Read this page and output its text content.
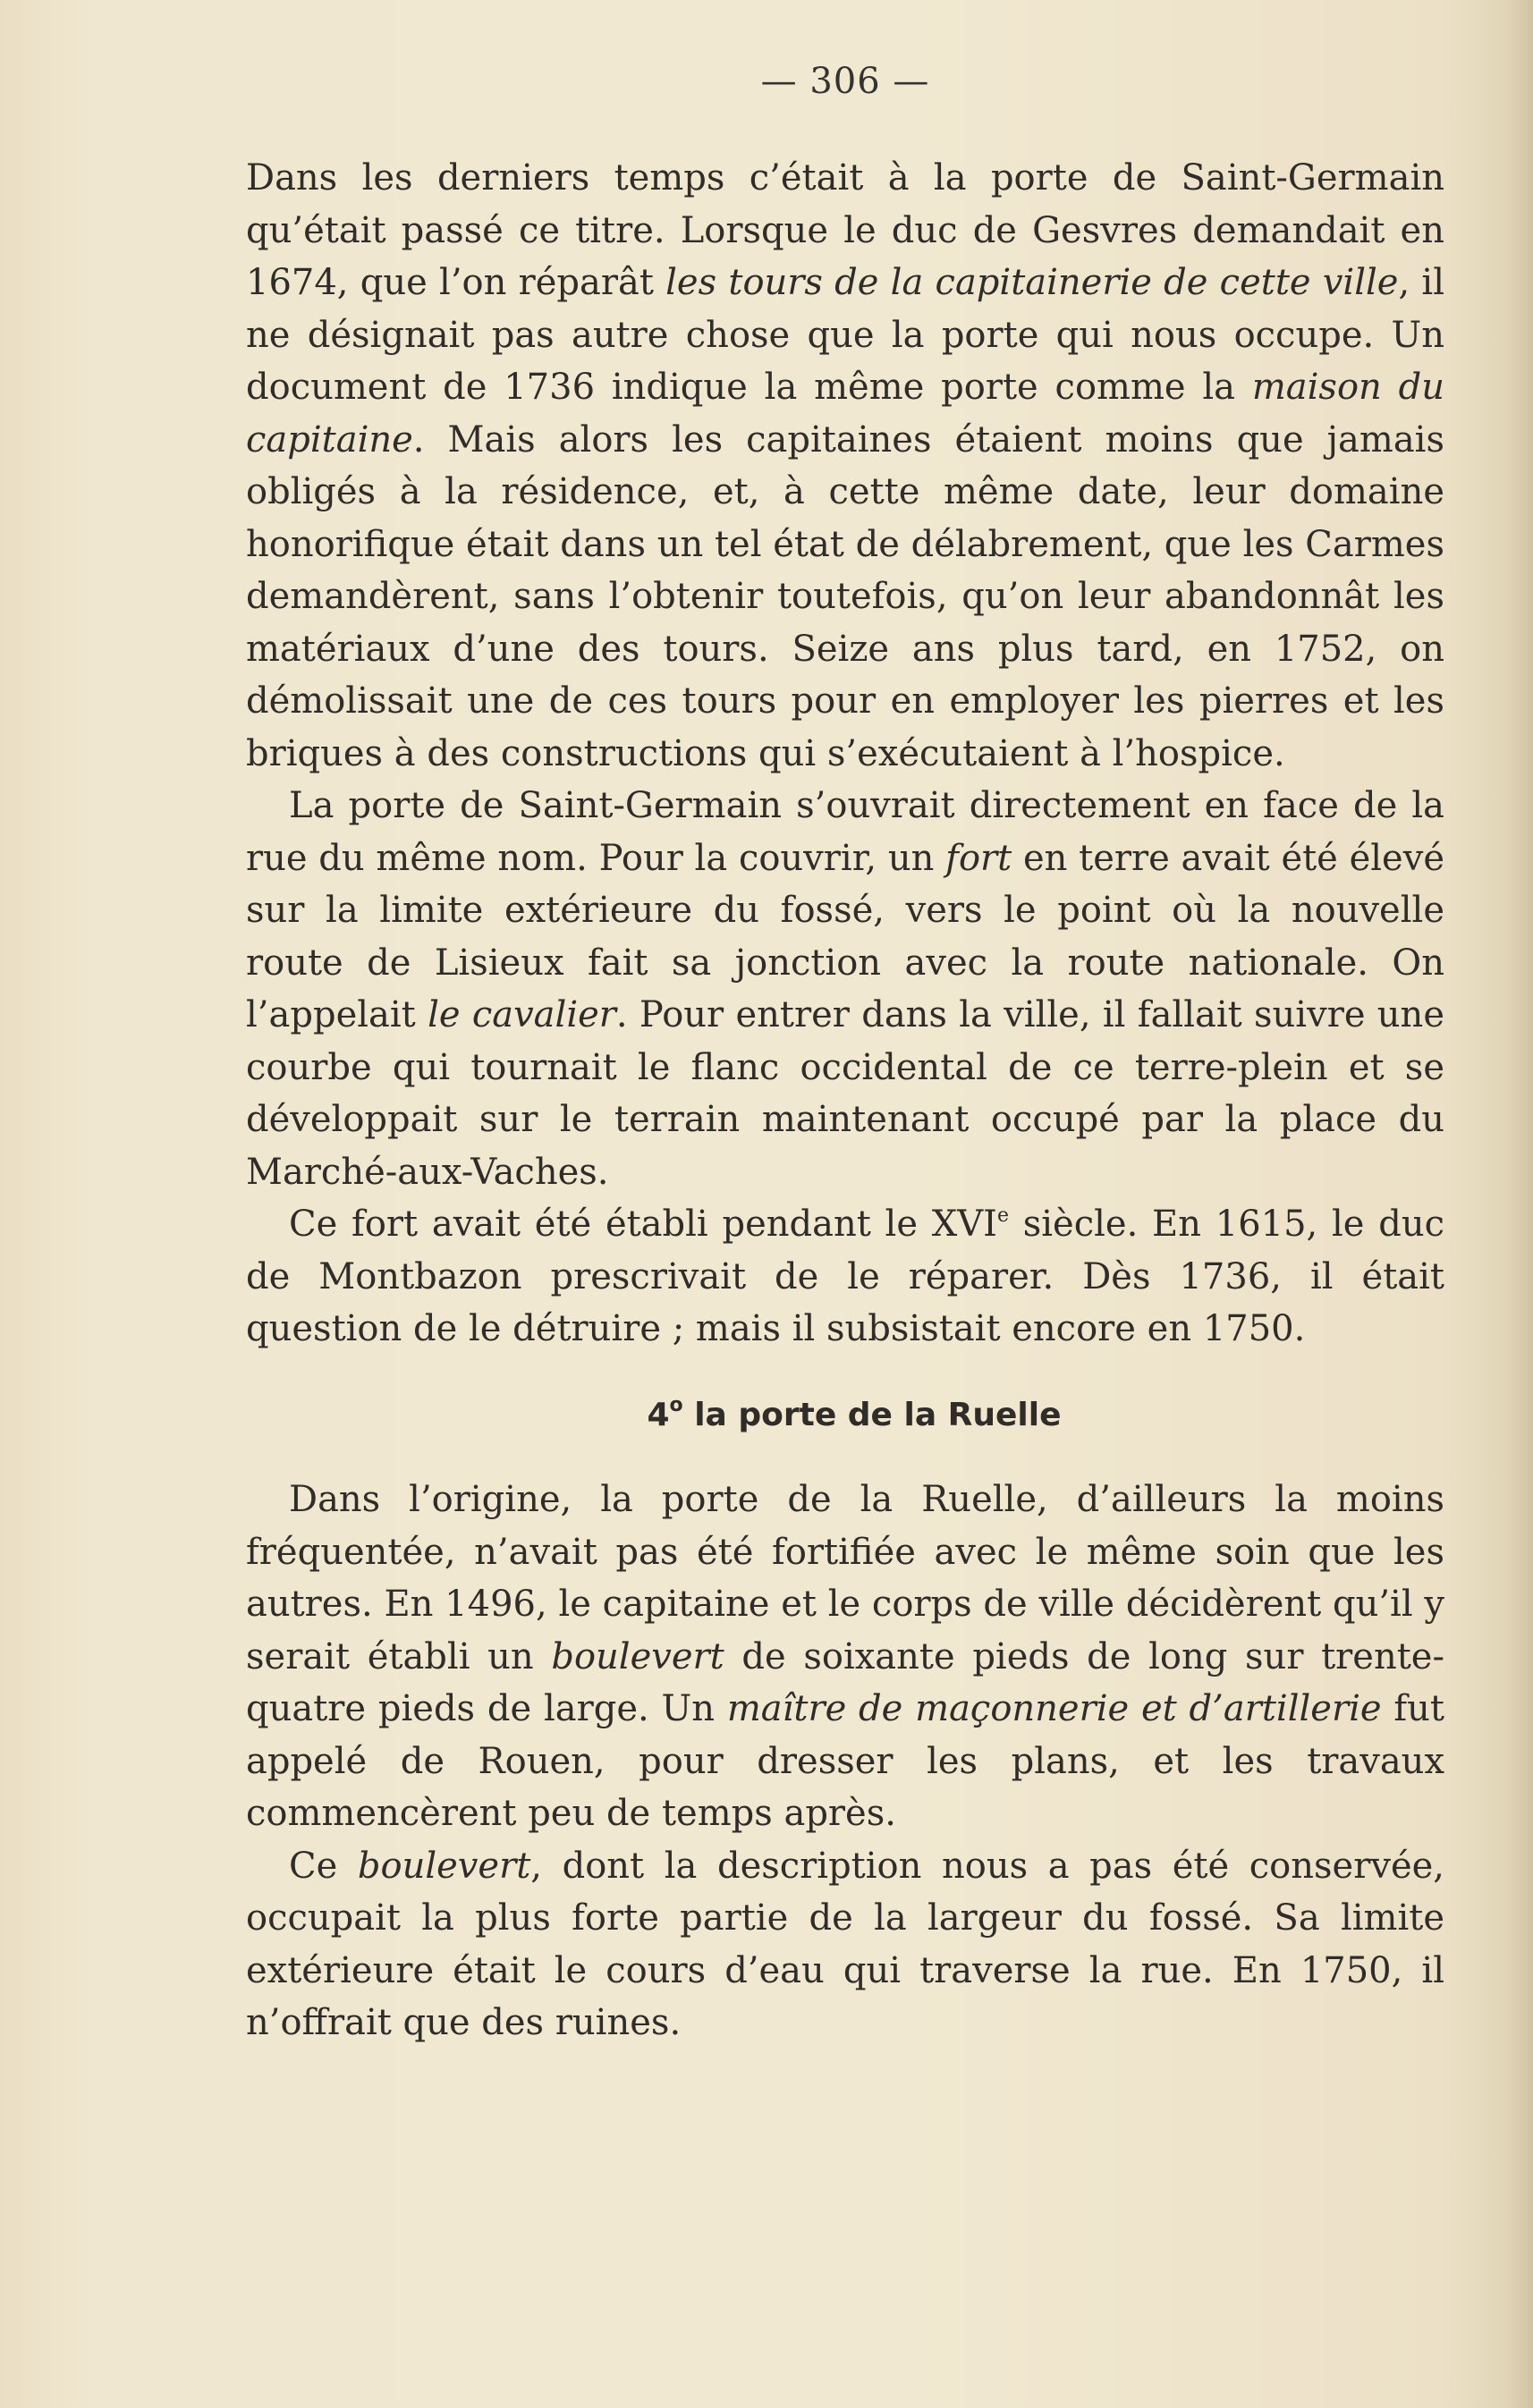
— 306 —

Dans les derniers temps c’était à la porte de Saint-Germain qu’était passé ce titre. Lorsque le duc de Gesvres demandait en 1674, que l’on réparât les tours de la capitainerie de cette ville, il ne désignait pas autre chose que la porte qui nous occupe. Un document de 1736 indique la même porte comme la maison du capitaine. Mais alors les capitaines étaient moins que jamais obligés à la résidence, et, à cette même date, leur domaine honorifique était dans un tel état de délabrement, que les Carmes demandèrent, sans l’obtenir toutefois, qu’on leur abandonnât les matériaux d’une des tours. Seize ans plus tard, en 1752, on démolissait une de ces tours pour en employer les pierres et les briques à des constructions qui s’exécutaient à l’hospice.

La porte de Saint-Germain s’ouvrait directement en face de la rue du même nom. Pour la couvrir, un fort en terre avait été élevé sur la limite extérieure du fossé, vers le point où la nouvelle route de Lisieux fait sa jonction avec la route nationale. On l’appelait le cavalier. Pour entrer dans la ville, il fallait suivre une courbe qui tournait le flanc occidental de ce terre-plein et se développait sur le terrain maintenant occupé par la place du Marché-aux-Vaches.

Ce fort avait été établi pendant le XVIe siècle. En 1615, le duc de Montbazon prescrivait de le réparer. Dès 1736, il était question de le détruire ; mais il subsistait encore en 1750.

4$^o$ la porte de la Ruelle

Dans l’origine, la porte de la Ruelle, d’ailleurs la moins fréquentée, n’avait pas été fortifiée avec le même soin que les autres. En 1496, le capitaine et le corps de ville décidèrent qu’il y serait établi un boulevert de soixante pieds de long sur trente-quatre pieds de large. Un maître de maçonnerie et d’artillerie fut appelé de Rouen, pour dresser les plans, et les travaux commencèrent peu de temps après.

Ce boulevert, dont la description nous a pas été conservée, occupait la plus forte partie de la largeur du fossé. Sa limite extérieure était le cours d’eau qui traverse la rue. En 1750, il n’offrait que des ruines.
